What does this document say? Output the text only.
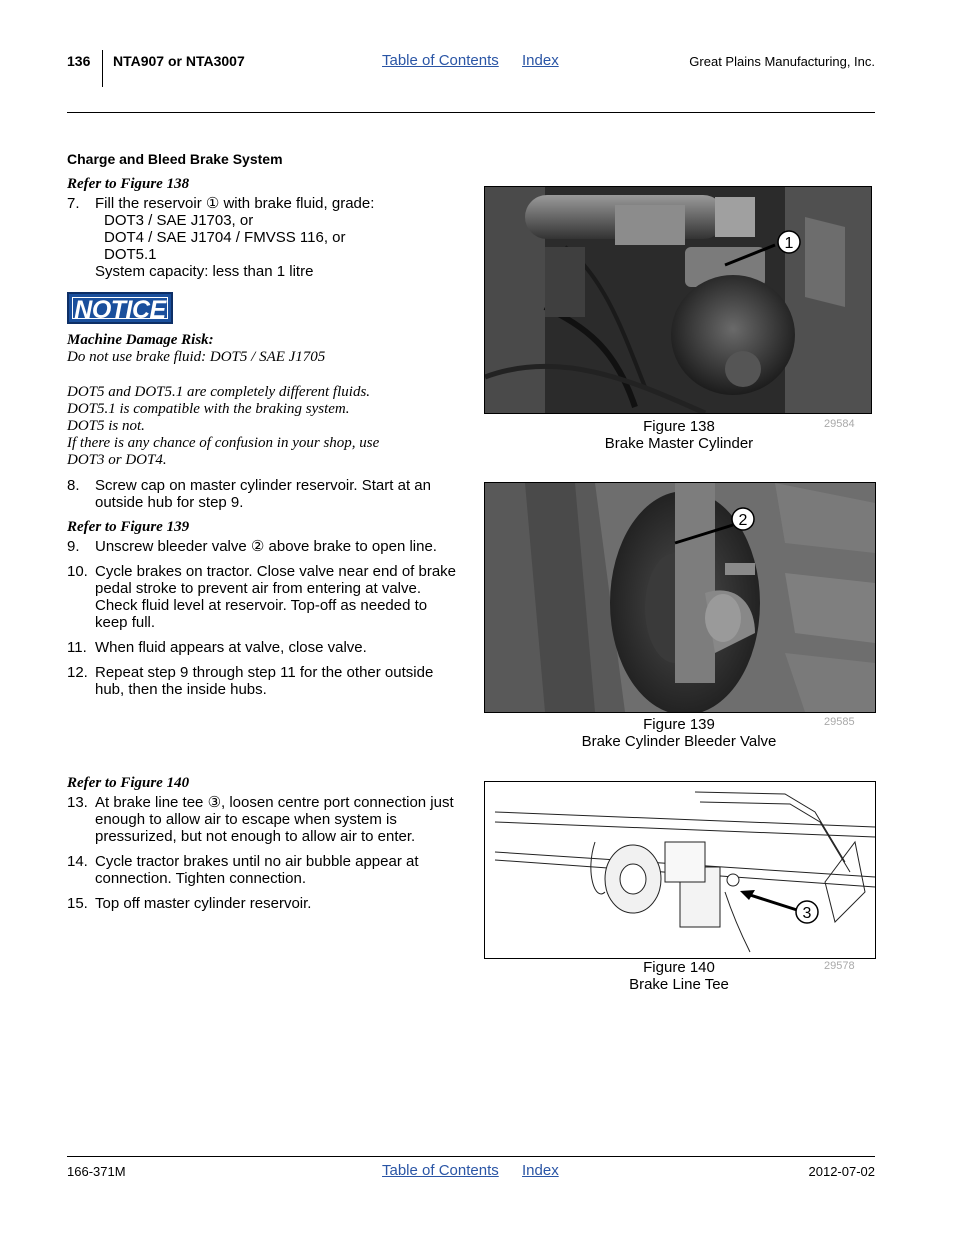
136 NTA907 or NTA3007	Table of Contents Index	Great Plains Manufacturing, Inc.
Charge and Bleed Brake System
Refer to Figure 138
7. Fill the reservoir ① with brake fluid, grade:
DOT3 / SAE J1703, or
DOT4 / SAE J1704 / FMVSS 116, or
DOT5.1
System capacity: less than 1 litre
NOTICE
Machine Damage Risk:
Do not use brake fluid: DOT5 / SAE J1705
DOT5 and DOT5.1 are completely different fluids.
DOT5.1 is compatible with the braking system.
DOT5 is not.
If there is any chance of confusion in your shop, use
DOT3 or DOT4.
8. Screw cap on master cylinder reservoir. Start at an outside hub for step 9.
Refer to Figure 139
9. Unscrew bleeder valve ② above brake to open line.
10. Cycle brakes on tractor. Close valve near end of brake pedal stroke to prevent air from entering at valve. Check fluid level at reservoir. Top-off as needed to keep full.
11. When fluid appears at valve, close valve.
12. Repeat step 9 through step 11 for the other outside hub, then the inside hubs.
Refer to Figure 140
13. At brake line tee ③, loosen centre port connection just enough to allow air to escape when system is pressurized, but not enough to allow air to enter.
14. Cycle tractor brakes until no air bubble appear at connection. Tighten connection.
15. Top off master cylinder reservoir.
1
Figure 138
Brake Master Cylinder
29584
2
Figure 139
Brake Cylinder Bleeder Valve
29585
3
Figure 140
Brake Line Tee
29578
166-371M	Table of Contents Index	2012-07-02
